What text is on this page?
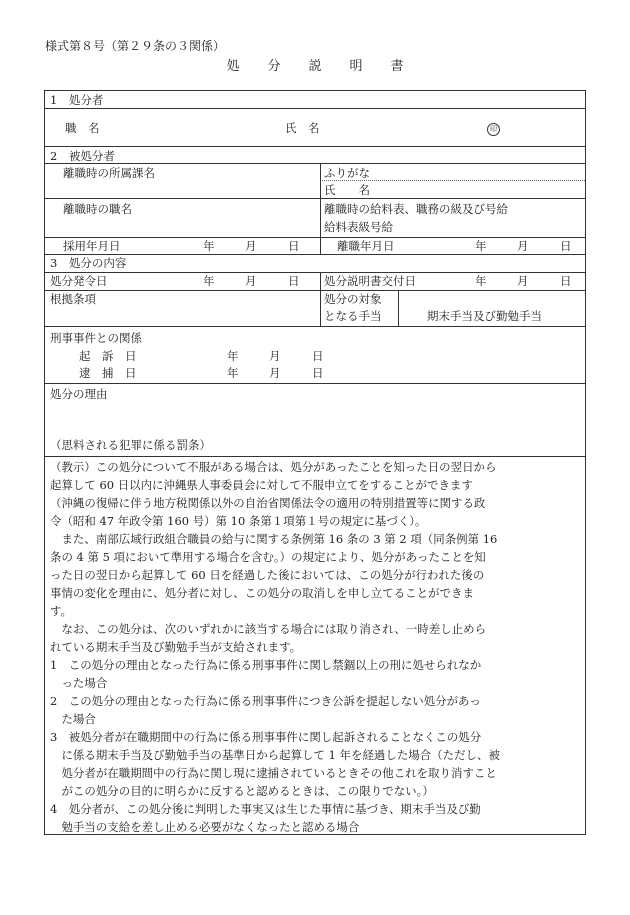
様式第８号（第２９条の３関係）
処 分 説 明 書
1　処分者
職　名	氏　名	印
2　被処分者
離職時の所属課名	ふりがな
氏　　名
離職時の職名	離職時の給料表、職務の級及び号給
給料表級号給
採用年月日	年	月	日	離職年月日	年	月	日
3　処分の内容
処分発令日	年	月	日 処分説明書交付日	年	月	日
根拠条項	処分の対象
となる手当	期末手当及び勤勉手当
刑事事件との関係
起　訴　日	年	月	日
逮　捕　日	年	月	日
処分の理由
（思料される犯罪に係る罰条）
（教示）この処分について不服がある場合は、処分があったことを知った日の翌日から
起算して 60 日以内に沖縄県人事委員会に対して不服申立てをすることができます
（沖縄の復帰に伴う地方税関係以外の自治省関係法令の適用の特別措置等に関する政
令（昭和 47 年政令第 160 号）第 10 条第１項第１号の規定に基づく）。
　また、南部広域行政組合職員の給与に関する条例第 16 条の 3 第 2 項（同条例第 16
条の 4 第 5 項において準用する場合を含む。）の規定により、処分があったことを知
った日の翌日から起算して 60 日を経過した後においては、この処分が行われた後の
事情の変化を理由に、処分者に対し、この処分の取消しを申し立てることができま
す。
　なお、この処分は、次のいずれかに該当する場合には取り消され、一時差し止めら
れている期末手当及び勤勉手当が支給されます。
1　この処分の理由となった行為に係る刑事事件に関し禁錮以上の刑に処せられなか
　った場合
2　この処分の理由となった行為に係る刑事事件につき公訴を提起しない処分があっ
　た場合
3　被処分者が在職期間中の行為に係る刑事事件に関し起訴されることなくこの処分
　に係る期末手当及び勤勉手当の基準日から起算して 1 年を経過した場合（ただし、被
　処分者が在職期間中の行為に関し現に逮捕されているときその他これを取り消すこと
　がこの処分の目的に明らかに反すると認めるときは、この限りでない。）
4　処分者が、この処分後に判明した事実又は生じた事情に基づき、期末手当及び勤
　勉手当の支給を差し止める必要がなくなったと認める場合
